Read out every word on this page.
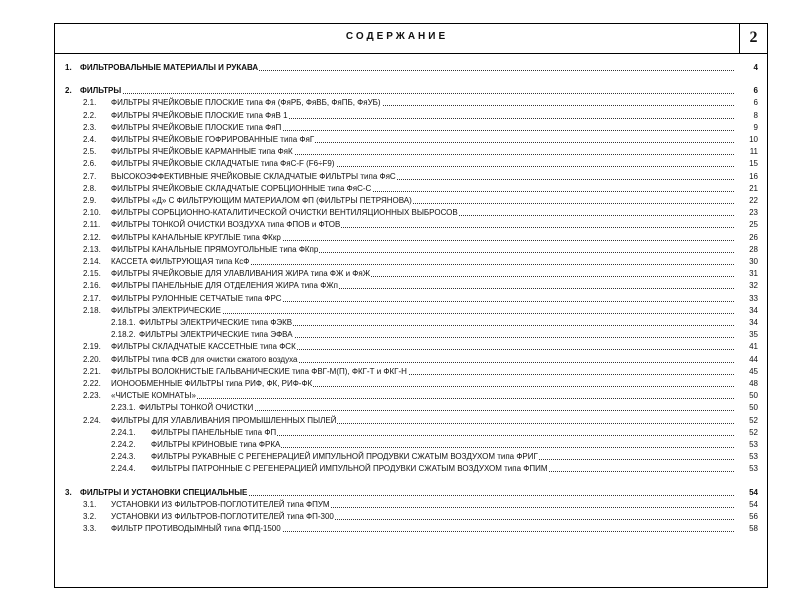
СОДЕРЖАНИЕ	2
1. ФИЛЬТРОВАЛЬНЫЕ МАТЕРИАЛЫ И РУКАВА	4
2. ФИЛЬТРЫ	6
2.1. ФИЛЬТРЫ ЯЧЕЙКОВЫЕ ПЛОСКИЕ типа Фя (ФяРБ, ФяВБ, ФяПБ, ФяУБ)	6
2.2. ФИЛЬТРЫ ЯЧЕЙКОВЫЕ ПЛОСКИЕ типа ФяВ 1	8
2.3. ФИЛЬТРЫ ЯЧЕЙКОВЫЕ ПЛОСКИЕ типа ФяП	9
2.4. ФИЛЬТРЫ ЯЧЕЙКОВЫЕ ГОФРИРОВАННЫЕ типа ФяГ	10
2.5. ФИЛЬТРЫ ЯЧЕЙКОВЫЕ КАРМАННЫЕ типа ФяК	11
2.6. ФИЛЬТРЫ ЯЧЕЙКОВЫЕ СКЛАДЧАТЫЕ типа ФяС-F (F6÷F9)	15
2.7. ВЫСОКОЭФФЕКТИВНЫЕ ЯЧЕЙКОВЫЕ СКЛАДЧАТЫЕ ФИЛЬТРЫ типа ФяС	16
2.8. ФИЛЬТРЫ ЯЧЕЙКОВЫЕ СКЛАДЧАТЫЕ СОРБЦИОННЫЕ типа ФяС-С	21
2.9. ФИЛЬТРЫ «Д» С ФИЛЬТРУЮЩИМ МАТЕРИАЛОМ ФП (ФИЛЬТРЫ ПЕТРЯНОВА)	22
2.10. ФИЛЬТРЫ СОРБЦИОННО-КАТАЛИТИЧЕСКОЙ ОЧИСТКИ ВЕНТИЛЯЦИОННЫХ ВЫБРОСОВ	23
2.11. ФИЛЬТРЫ ТОНКОЙ ОЧИСТКИ ВОЗДУХА типа ФПОВ и ФТОВ	25
2.12. ФИЛЬТРЫ КАНАЛЬНЫЕ КРУГЛЫЕ типа ФКкр	26
2.13. ФИЛЬТРЫ КАНАЛЬНЫЕ ПРЯМОУГОЛЬНЫЕ типа ФКпр	28
2.14. КАССЕТА ФИЛЬТРУЮЩАЯ типа КсФ	30
2.15. ФИЛЬТРЫ ЯЧЕЙКОВЫЕ ДЛЯ УЛАВЛИВАНИЯ ЖИРА типа ФЖ и ФяЖ	31
2.16. ФИЛЬТРЫ ПАНЕЛЬНЫЕ ДЛЯ ОТДЕЛЕНИЯ ЖИРА типа ФЖп	32
2.17. ФИЛЬТРЫ РУЛОННЫЕ СЕТЧАТЫЕ типа ФРС	33
2.18. ФИЛЬТРЫ ЭЛЕКТРИЧЕСКИЕ	34
2.18.1. ФИЛЬТРЫ ЭЛЕКТРИЧЕСКИЕ типа ФЭКВ	34
2.18.2. ФИЛЬТРЫ ЭЛЕКТРИЧЕСКИЕ типа ЭФВА	35
2.19. ФИЛЬТРЫ СКЛАДЧАТЫЕ КАССЕТНЫЕ типа ФСК	41
2.20. ФИЛЬТРЫ типа ФСВ для очистки сжатого воздуха	44
2.21. ФИЛЬТРЫ ВОЛОКНИСТЫЕ ГАЛЬВАНИЧЕСКИЕ типа ФВГ-М(П), ФКГ-Т и ФКГ-Н	45
2.22. ИОНООБМЕННЫЕ ФИЛЬТРЫ типа РИФ, ФК, РИФ-ФК	48
2.23. «ЧИСТЫЕ КОМНАТЫ»	50
2.23.1. ФИЛЬТРЫ ТОНКОЙ ОЧИСТКИ	50
2.24. ФИЛЬТРЫ ДЛЯ УЛАВЛИВАНИЯ ПРОМЫШЛЕННЫХ ПЫЛЕЙ	52
2.24.1. ФИЛЬТРЫ ПАНЕЛЬНЫЕ типа ФП	52
2.24.2. ФИЛЬТРЫ КРИНОВЫЕ типа ФРКА	53
2.24.3. ФИЛЬТРЫ РУКАВНЫЕ С РЕГЕНЕРАЦИЕЙ ИМПУЛЬНОЙ ПРОДУВКИ СЖАТЫМ ВОЗДУХОМ типа ФРИГ	53
2.24.4. ФИЛЬТРЫ ПАТРОННЫЕ С РЕГЕНЕРАЦИЕЙ ИМПУЛЬНОЙ ПРОДУВКИ СЖАТЫМ ВОЗДУХОМ типа ФПИМ	53
3. ФИЛЬТРЫ И УСТАНОВКИ СПЕЦИАЛЬНЫЕ	54
3.1. УСТАНОВКИ ИЗ ФИЛЬТРОВ-ПОГЛОТИТЕЛЕЙ типа ФПУМ	54
3.2. УСТАНОВКИ ИЗ ФИЛЬТРОВ-ПОГЛОТИТЕЛЕЙ типа ФП-300	56
3.3. ФИЛЬТР ПРОТИВОДЫМНЫЙ типа ФПД-1500	58
